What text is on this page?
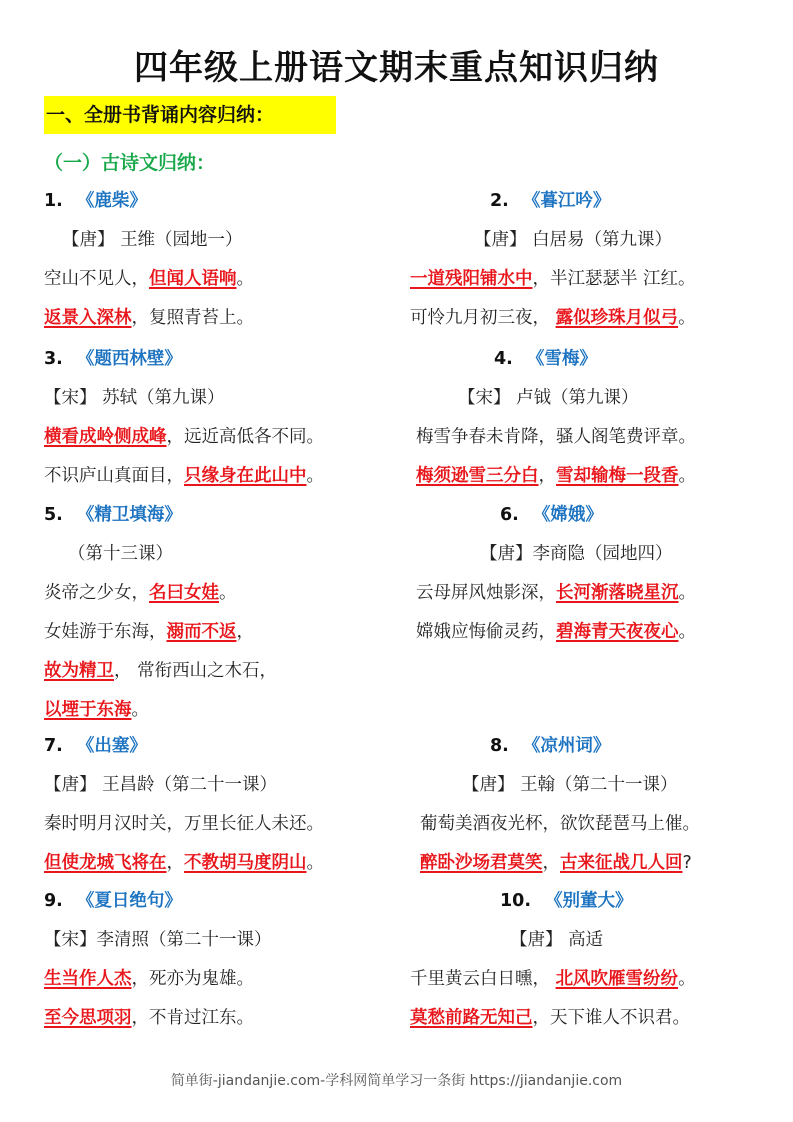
四年级上册语文期末重点知识归纳
一、全册书背诵内容归纳：
（一）古诗文归纳：
1. 《鹿柴》
【唐】 王维（园地一）
空山不见人，但闻人语响。
返景入深林，复照青苔上。
2. 《暮江吟》
【唐】 白居易（第九课）
一道残阳铺水中，半江瑟瑟半 江红。
可怜九月初三夜， 露似珍珠月似弓。
3. 《题西林壁》
【宋】 苏轼（第九课）
横看成岭侧成峰，远近高低各不同。
不识庐山真面目，只缘身在此山中。
4. 《雪梅》
【宋】 卢钺（第九课）
梅雪争春未肯降，骚人阁笔费评章。
梅须逊雪三分白，雪却输梅一段香。
5. 《精卫填海》
（第十三课）
炎帝之少女，名曰女娃。
女娃游于东海，溺而不返，
故为精卫， 常衔西山之木石，
以堙于东海。
6. 《嫦娥》
【唐】李商隐（园地四）
云母屏风烛影深，长河渐落晓星沉。
嫦娥应悔偷灵药，碧海青天夜夜心。
7. 《出塞》
【唐】 王昌龄（第二十一课）
秦时明月汉时关，万里长征人未还。
但使龙城飞将在，不教胡马度阴山。
8. 《凉州词》
【唐】 王翰（第二十一课）
葡萄美酒夜光杯，欲饮琵琶马上催。
醉卧沙场君莫笑，古来征战几人回?
9. 《夏日绝句》
【宋】李清照（第二十一课）
生当作人杰，死亦为鬼雄。
至今思项羽，不肯过江东。
10. 《别董大》
【唐】 高适
千里黄云白日曛， 北风吹雁雪纷纷。
莫愁前路无知己，天下谁人不识君。
简单街-jiandanjie.com-学科网简单学习一条街 https://jiandanjie.com
